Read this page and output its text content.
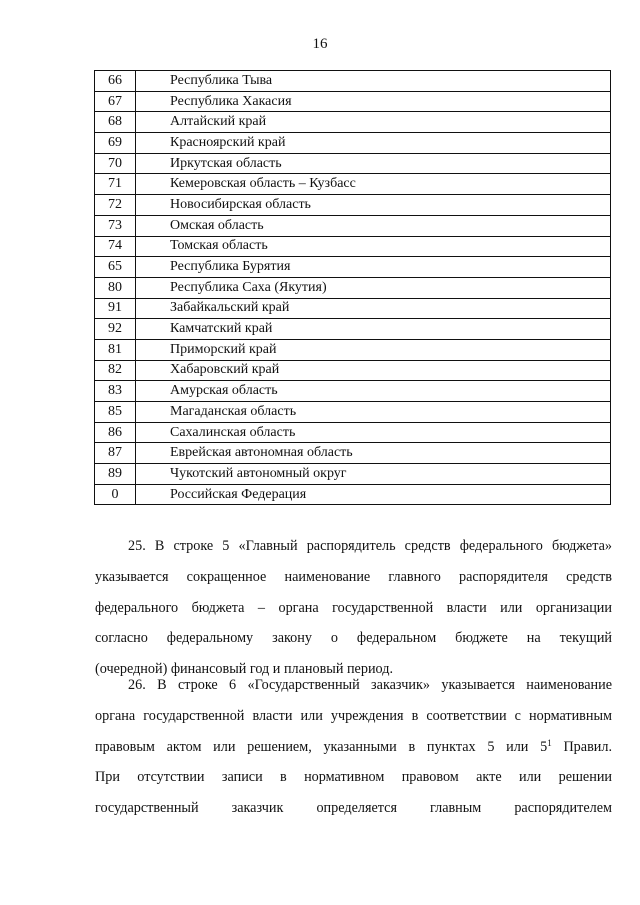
16
66	Республика Тыва
67	Республика Хакасия
68	Алтайский край
69	Красноярский край
70	Иркутская область
71	Кемеровская область – Кузбасс
72	Новосибирская область
73	Омская область
74	Томская область
65	Республика Бурятия
80	Республика Саха (Якутия)
91	Забайкальский край
92	Камчатский край
81	Приморский край
82	Хабаровский край
83	Амурская область
85	Магаданская область
86	Сахалинская область
87	Еврейская автономная область
89	Чукотский автономный округ
0	Российская Федерация
25. В строке 5 «Главный распорядитель средств федерального бюджета»
указывается сокращенное наименование главного распорядителя средств
федерального бюджета – органа государственной власти или организации
согласно федеральному закону о федеральном бюджете на текущий
(очередной) финансовый год и плановый период.
26. В строке 6 «Государственный заказчик» указывается наименование
органа государственной власти или учреждения в соответствии с нормативным
правовым актом или решением, указанными в пунктах 5 или $5^1$ Правил.
При отсутствии записи в нормативном правовом акте или решении
государственный заказчик определяется главным распорядителем
